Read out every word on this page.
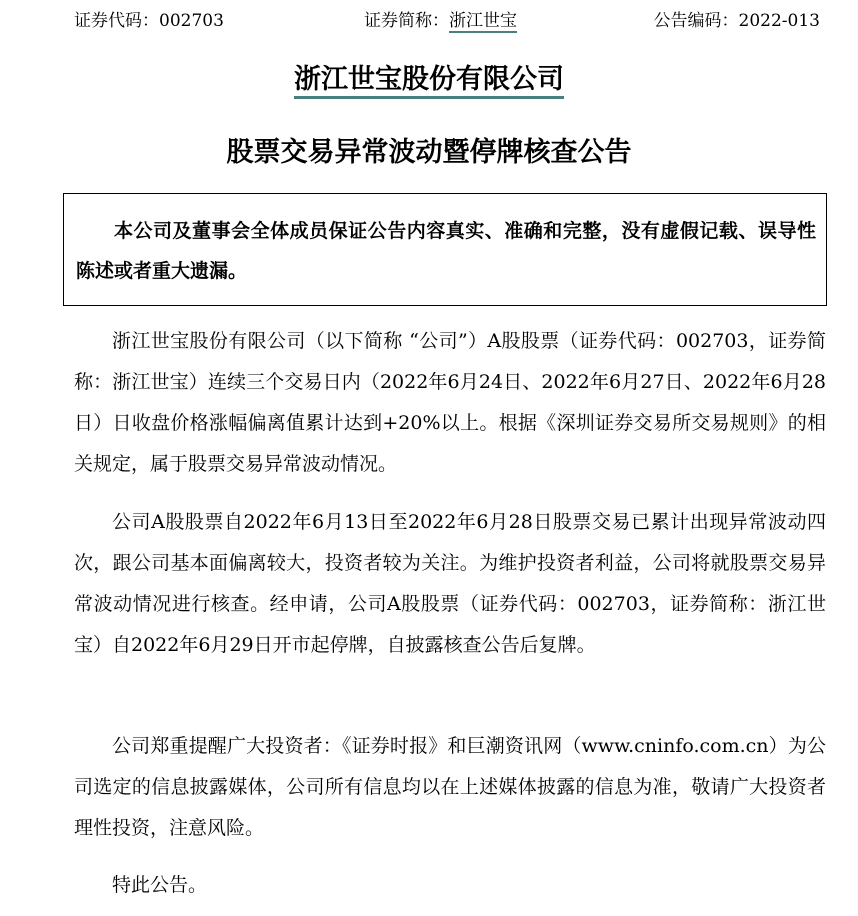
证券代码：002703	证券简称：浙江世宝	公告编码：2022-013
浙江世宝股份有限公司
股票交易异常波动暨停牌核查公告

本公司及董事会全体成员保证公告内容真实、准确和完整，没有虚假记载、误导性陈述或者重大遗漏。

浙江世宝股份有限公司（以下简称 “公司”）A股股票（证券代码：002703，证券简称：浙江世宝）连续三个交易日内（2022年6月24日、2022年6月27日、2022年6月28日）日收盘价格涨幅偏离值累计达到+20%以上。根据《深圳证券交易所交易规则》的相关规定，属于股票交易异常波动情况。

公司A股股票自2022年6月13日至2022年6月28日股票交易已累计出现异常波动四次，跟公司基本面偏离较大，投资者较为关注。为维护投资者利益，公司将就股票交易异常波动情况进行核查。经申请，公司A股股票（证券代码：002703，证券简称：浙江世宝）自2022年6月29日开市起停牌，自披露核查公告后复牌。

公司郑重提醒广大投资者：《证券时报》和巨潮资讯网（www.cninfo.com.cn）为公司选定的信息披露媒体，公司所有信息均以在上述媒体披露的信息为准，敬请广大投资者理性投资，注意风险。

特此公告。
